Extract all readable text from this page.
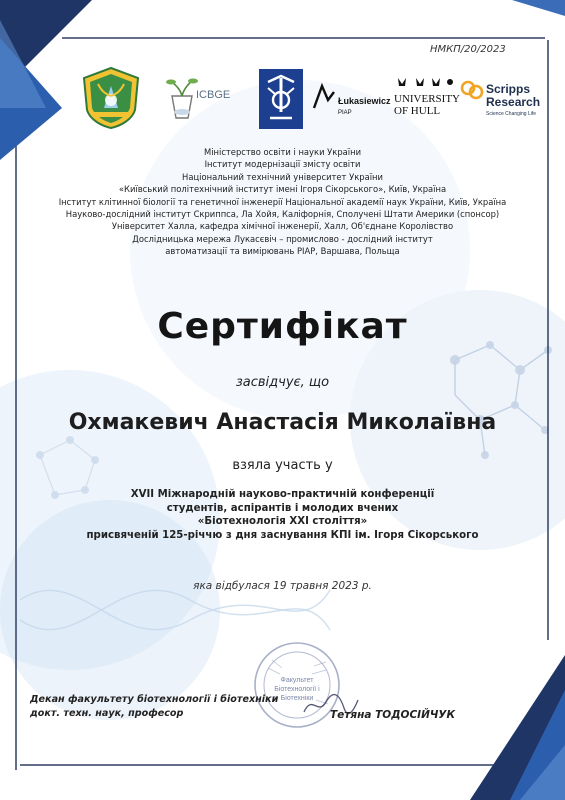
НМКП/20/2023
ICBGE	Łukasiewicz
PIAP
UNIVERSITY
OF HULL
Scripps
Research
Science Changing Life
Міністерство освіти і науки України
Інститут модернізації змісту освіти
Національний технічний університет України
«Київський політехнічний інститут імені Ігоря Сікорського», Київ, Україна
Інститут клітинної біології та генетичної інженерії Національної академії наук України, Київ, Україна
Науково-дослідний інститут Скриппса, Ла Хойя, Каліфорнія, Сполучені Штати Америки (спонсор)
Університет Халла, кафедра хімічної інженерії, Халл, Об'єднане Королівство
Дослідницька мережа Лукасєвіч – промислово - дослідний інститут
автоматизації та вимірювань PIAP, Варшава, Польща
Сертифікат
засвідчує, що
Охмакевич Анастасія Миколаївна
взяла участь у
XVII Міжнародній науково-практичній конференції
студентів, аспірантів і молодих вчених
«Біотехнологія XXI століття»
присвяченій 125-річчю з дня заснування КПІ ім. Ігоря Сікорського
яка відбулася 19 травня 2023 р.
Факультет
Біотехнології і
Біотехніки
Декан факультету біотехнології і біотехніки
докт. техн. наук, професор	Тетяна ТОДОСІЙЧУК
